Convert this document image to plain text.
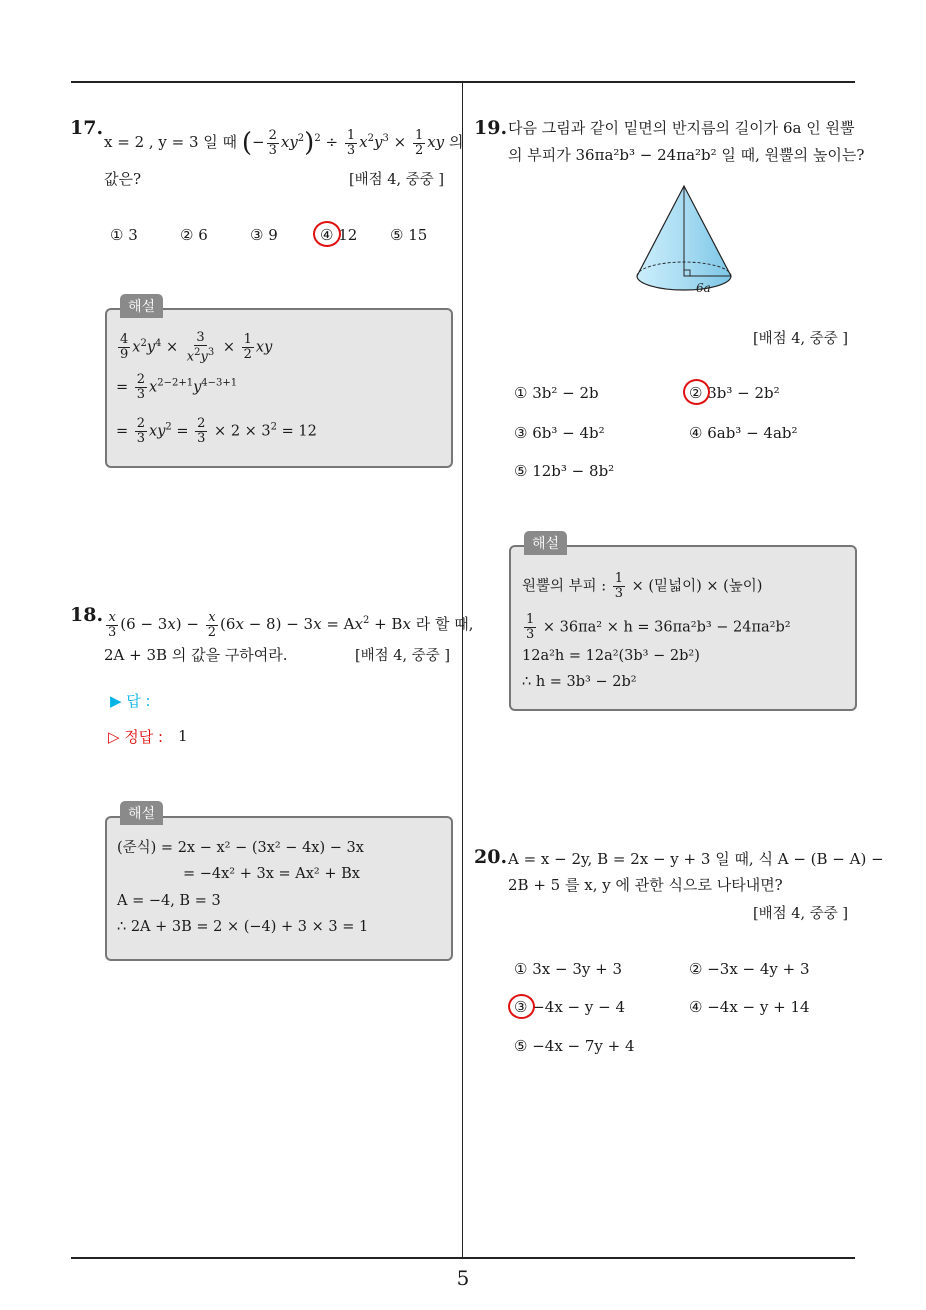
17.
x = 2 , y = 3 일 때 (− $\frac{2}{3} xy^2)^2 \div \frac{1}{3} x^2y^3 \times \frac{1}{2}$ xy 의
값은?	[배점 4, 중중 ]
① 3	② 6	③ 9	④ 12 ⑤ 15
해설
$\frac{4}{9} x^2y^4 \times \frac{3}{x^2y^3} \times \frac{1}{2}$ xy
= $\frac{2}{3} x^{2-2+1}y^{4-3+1}$
= $\frac{2}{3} xy^2 = \frac{2}{3} \times 2 \times 3^2 = 12$
18. $\frac{x}{3} (6 - 3x) - \frac{x}{2} (6x - 8) - 3x = Ax^2 + Bx$ 라 할 때,
2A + 3B 의 값을 구하여라.	[배점 4, 중중 ]
▶ 답 :
▷ 정답 : 1
해설
(준식) = 2x − x² − (3x² − 4x) − 3x
= −4x² + 3x = Ax² + Bx
A = −4, B = 3
∴ 2A + 3B = 2 × (−4) + 3 × 3 = 1
19. 다음 그림과 같이 밑면의 반지름의 길이가 6a 인 원뿔
의 부피가 36πa²b³ − 24πa²b² 일 때, 원뿔의 높이는?
6a
[배점 4, 중중 ]
① 3b² − 2b	② 3b³ − 2b²
③ 6b³ − 4b²	④ 6ab³ − 4ab²
⑤ 12b³ − 8b²
해설
원뿔의 부피 : $\frac{1}{3}$ × (밑넓이) × (높이)
$\frac{1}{3} \times 36\pi a^2 \times h = 36\pi a^2b^3 - 24\pi a^2b^2$
12a²h = 12a²(3b³ − 2b²)
∴ h = 3b³ − 2b²
20. A = x − 2y, B = 2x − y + 3 일 때, 식 A − (B − A) −
2B + 5 를 x, y 에 관한 식으로 나타내면?
[배점 4, 중중 ]
① 3x − 3y + 3	② −3x − 4y + 3
③ −4x − y − 4	④ −4x − y + 14
⑤ −4x − 7y + 4
5
